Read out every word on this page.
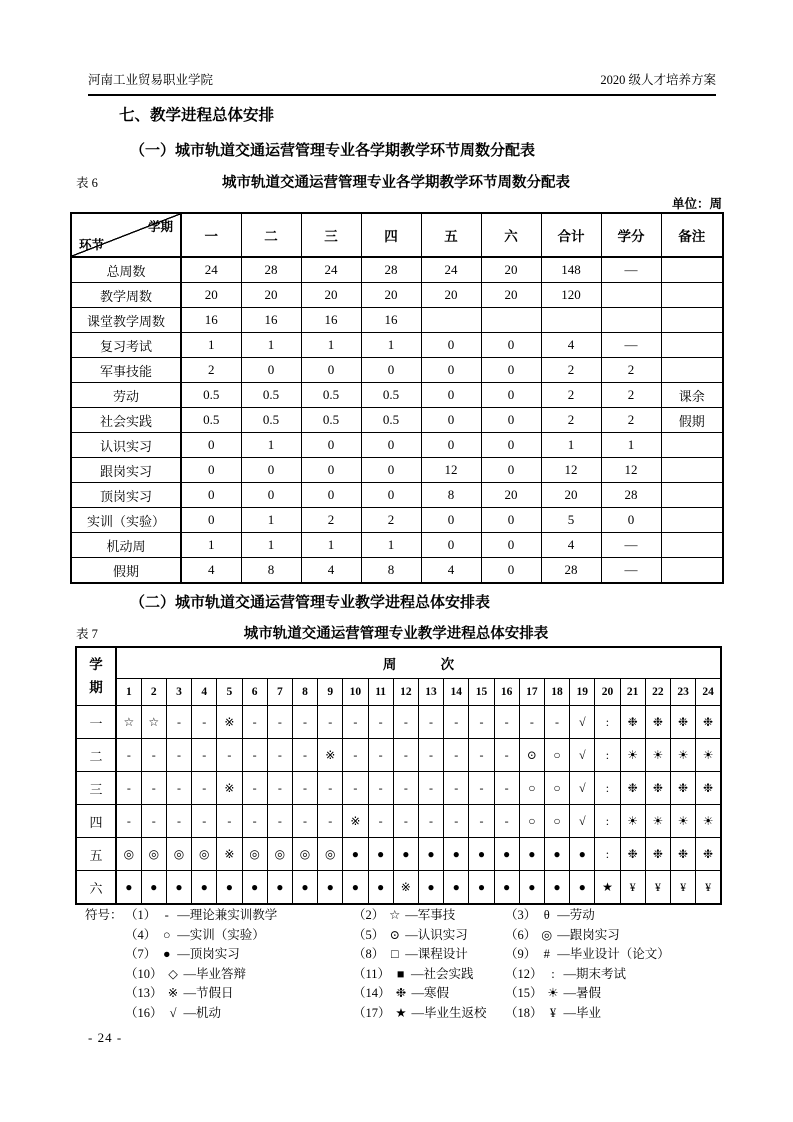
河南工业贸易职业学院	2020 级人才培养方案
七、教学进程总体安排
（一）城市轨道交通运营管理专业各学期教学环节周数分配表
表 6	城市轨道交通运营管理专业各学期教学环节周数分配表
单位：周
学期
环节	一	二	三	四	五	六	合计	学分	备注
总周数	24	28	24	28	24	20	148	—	
教学周数	20	20	20	20	20	20	120		
课堂教学周数	16	16	16	16					
复习考试	1	1	1	1	0	0	4	—	
军事技能	2	0	0	0	0	0	2	2	
劳动	0.5	0.5	0.5	0.5	0	0	2	2	课余
社会实践	0.5	0.5	0.5	0.5	0	0	2	2	假期
认识实习	0	1	0	0	0	0	1	1	
跟岗实习	0	0	0	0	12	0	12	12	
顶岗实习	0	0	0	0	8	20	20	28	
实训（实验）	0	1	2	2	0	0	5	0	
机动周	1	1	1	1	0	0	4	—	
假期	4	8	4	8	4	0	28	—	
（二）城市轨道交通运营管理专业教学进程总体安排表
表 7	城市轨道交通运营管理专业教学进程总体安排表
学期	周 次																							
	1	2	3	4	5	6	7	8	9	10	11	12	13	14	15	16	17	18	19	20	21	22	23	24
一	☆	☆	-	-	※	-	-	-	-	-	-	-	-	-	-	-	-	-	√	:	❉	❉	❉	❉
二	-	-	-	-	-	-	-	-	※	-	-	-	-	-	-	-	⊙	○	√	:	☀	☀	☀	☀
三	-	-	-	-	※	-	-	-	-	-	-	-	-	-	-	-	○	○	√	:	❉	❉	❉	❉
四	-	-	-	-	-	-	-	-	-	※	-	-	-	-	-	-	○	○	√	:	☀	☀	☀	☀
五	◎	◎	◎	◎	※	◎	◎	◎	◎	●	●	●	●	●	●	●	●	●	●	:	❉	❉	❉	❉
六	●	●	●	●	●	●	●	●	●	●	●	※	●	●	●	●	●	●	●	★	¥	¥	¥	¥
符号： （1） - —理论兼实训教学	（2） ☆ —军事技	（3） θ —劳动
（4） ○ —实训（实验）	（5） ⊙ —认识实习	（6） ◎ —跟岗实习
（7） ● —顶岗实习	（8） □ —课程设计	（9） # —毕业设计（论文）
（10） ◇ —毕业答辩	（11） ■ —社会实践	（12） : —期末考试
（13） ※ —节假日	（14） ❉ —寒假	（15） ☀ —暑假
（16） √ —机动	（17） ★ —毕业生返校	（18） ¥ —毕业
- 24 -
